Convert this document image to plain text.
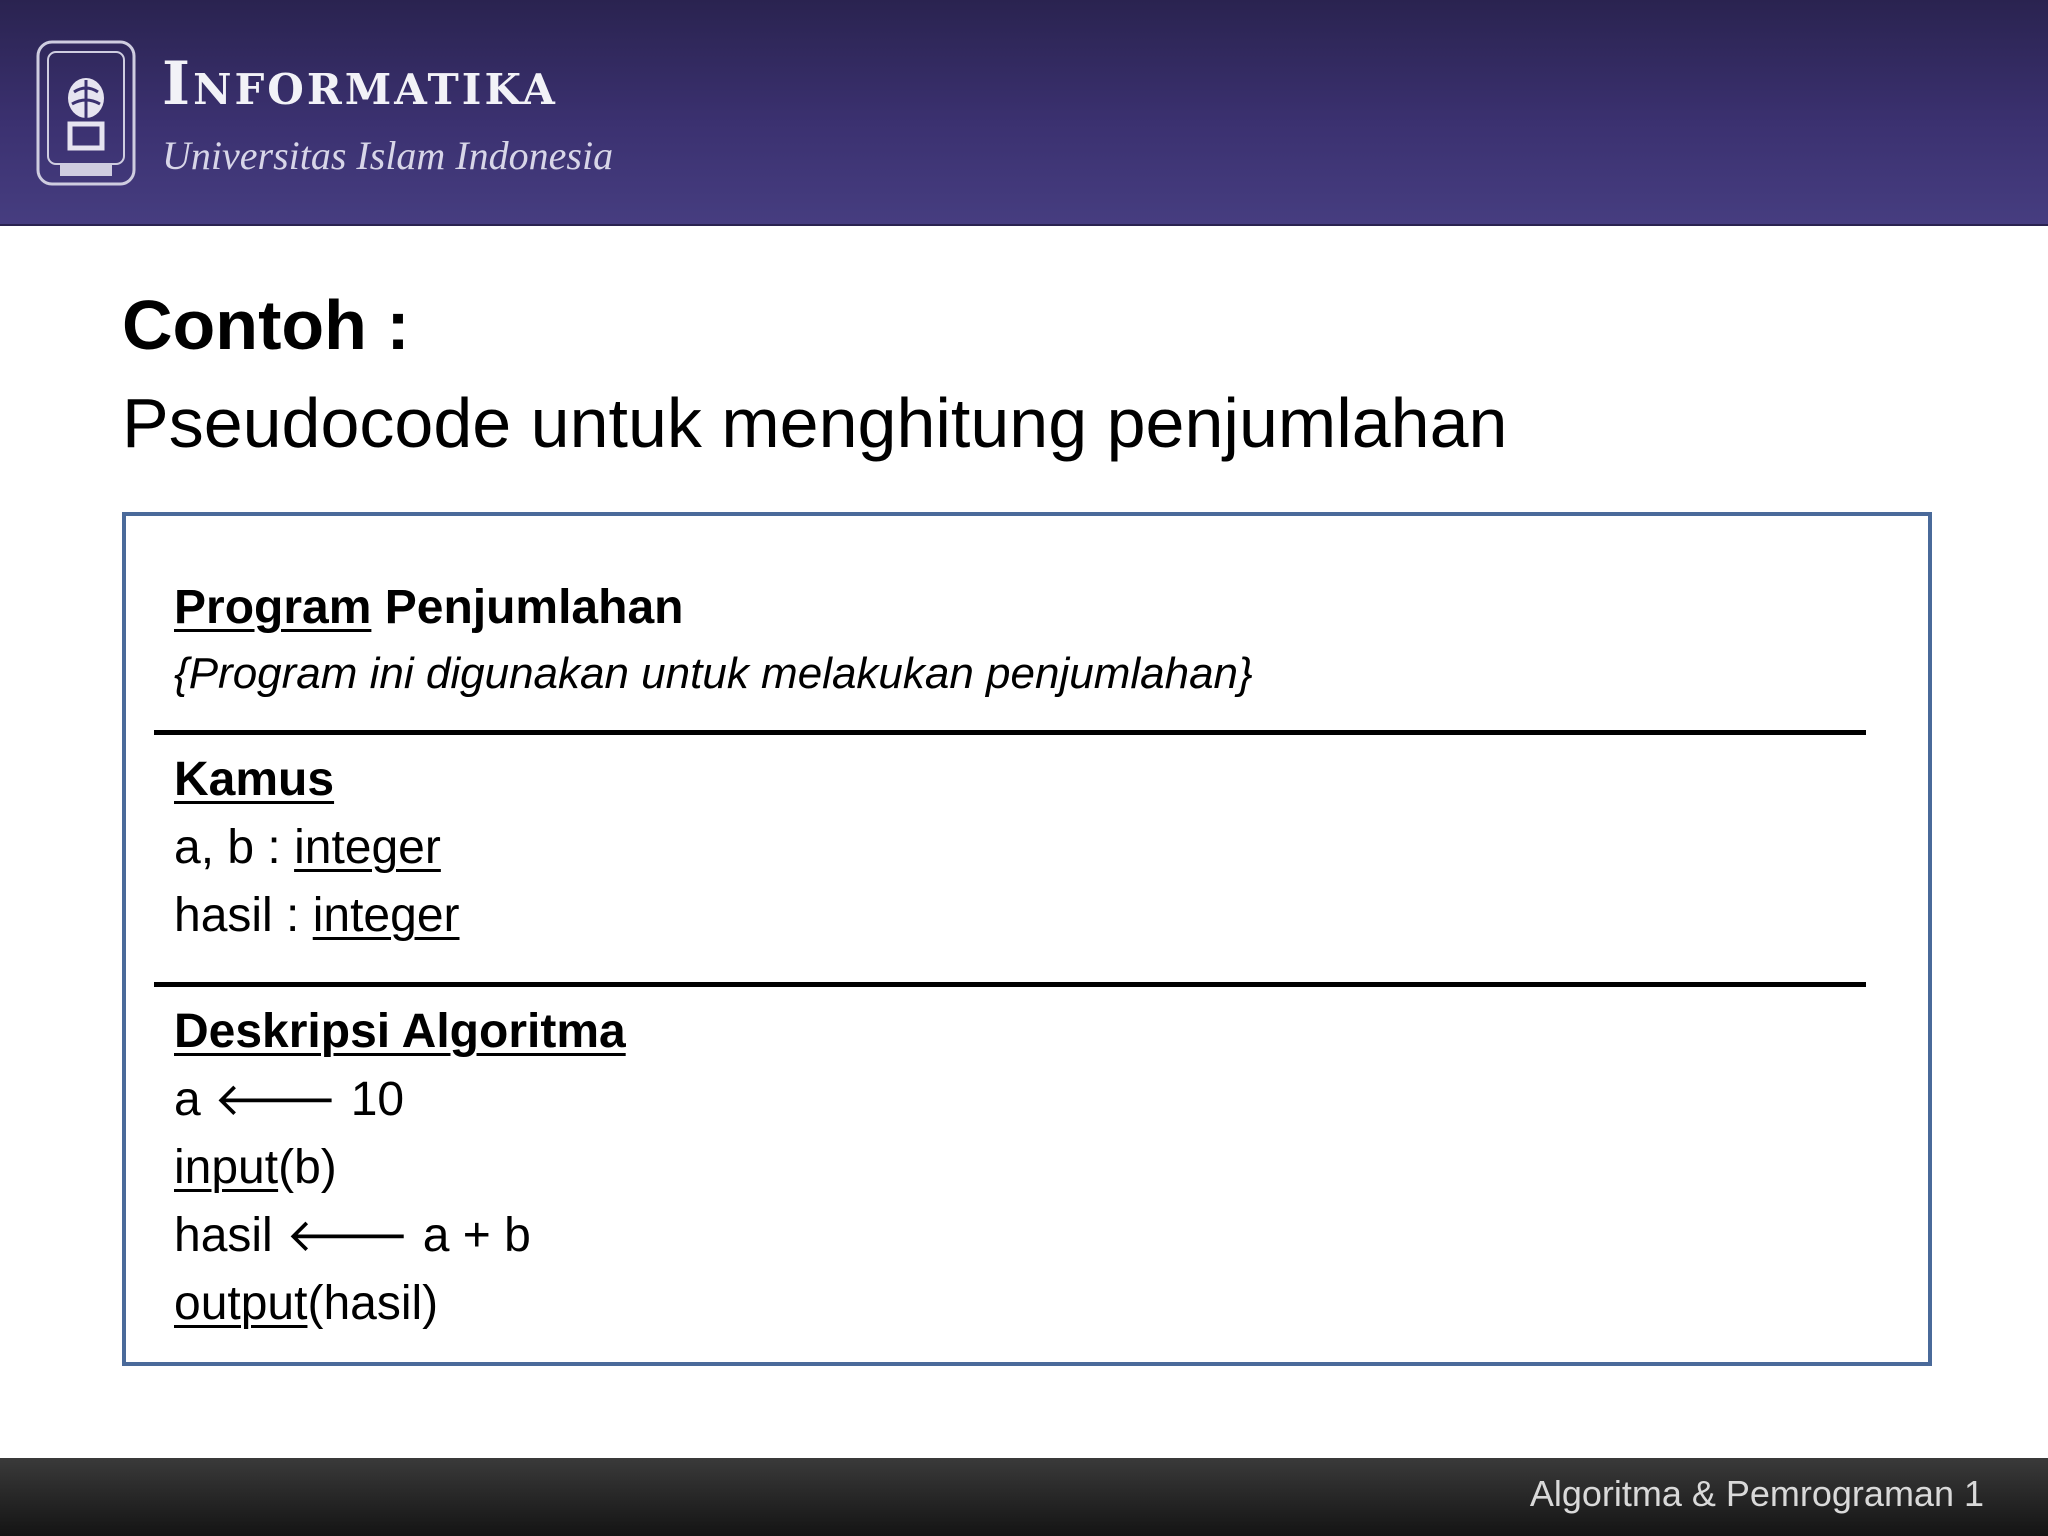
Informatika
Universitas Islam Indonesia
Contoh :
Pseudocode untuk menghitung penjumlahan
Program Penjumlahan
{Program ini digunakan untuk melakukan penjumlahan}
Kamus
a, b : integer
hasil : integer
Deskripsi Algoritma
a 🡐 10
input(b)
hasil 🡐 a + b
output(hasil)
Algoritma & Pemrograman 1
